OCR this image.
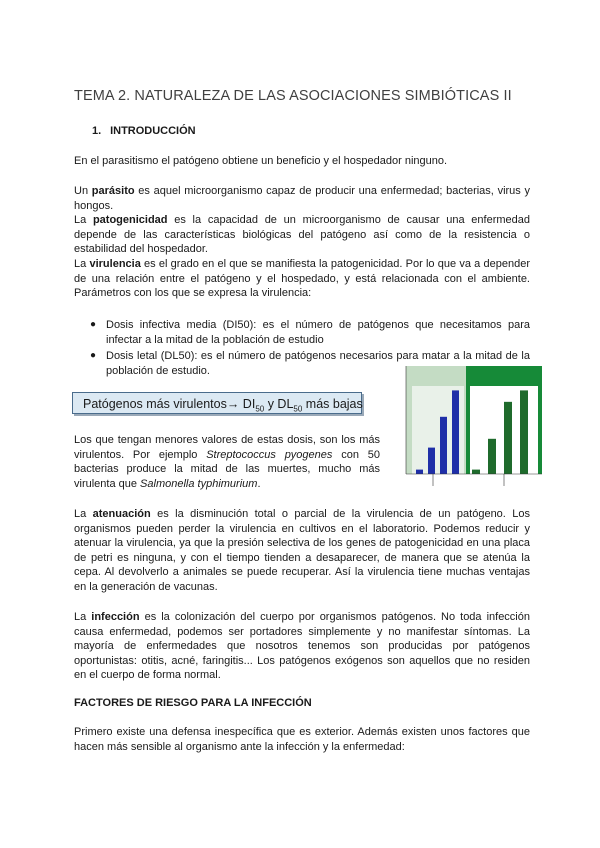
TEMA 2. NATURALEZA DE LAS ASOCIACIONES SIMBIÓTICAS II
1. INTRODUCCIÓN
En el parasitismo el patógeno obtiene un beneficio y el hospedador ninguno.
Un parásito es aquel microorganismo capaz de producir una enfermedad; bacterias, virus y hongos.
La patogenicidad es la capacidad de un microorganismo de causar una enfermedad depende de las características biológicas del patógeno así como de la resistencia o estabilidad del hospedador.
La virulencia es el grado en el que se manifiesta la patogenicidad. Por lo que va a depender de una relación entre el patógeno y el hospedado, y está relacionada con el ambiente. Parámetros con los que se expresa la virulencia:
● Dosis infectiva media (DI50): es el número de patógenos que necesitamos para infectar a la mitad de la población de estudio
● Dosis letal (DL50): es el número de patógenos necesarios para matar a la mitad de la población de estudio.
Patógenos más virulentos→ $DI_{50}$ y $DL_{50}$ más bajas
Los que tengan menores valores de estas dosis, son los más virulentos. Por ejemplo Streptococcus pyogenes con 50 bacterias produce la mitad de las muertes, mucho más virulenta que Salmonella typhimurium.
La atenuación es la disminución total o parcial de la virulencia de un patógeno. Los organismos pueden perder la virulencia en cultivos en el laboratorio. Podemos reducir y atenuar la virulencia, ya que la presión selectiva de los genes de patogenicidad en una placa de petri es ninguna, y con el tiempo tienden a desaparecer, de manera que se atenúa la cepa. Al devolverlo a animales se puede recuperar. Así la virulencia tiene muchas ventajas en la generación de vacunas.
La infección es la colonización del cuerpo por organismos patógenos. No toda infección causa enfermedad, podemos ser portadores simplemente y no manifestar síntomas. La mayoría de enfermedades que nosotros tenemos son producidas por patógenos oportunistas: otitis, acné, faringitis... Los patógenos exógenos son aquellos que no residen en el cuerpo de forma normal.
FACTORES DE RIESGO PARA LA INFECCIÓN
Primero existe una defensa inespecífica que es exterior. Además existen unos factores que hacen más sensible al organismo ante la infección y la enfermedad:
